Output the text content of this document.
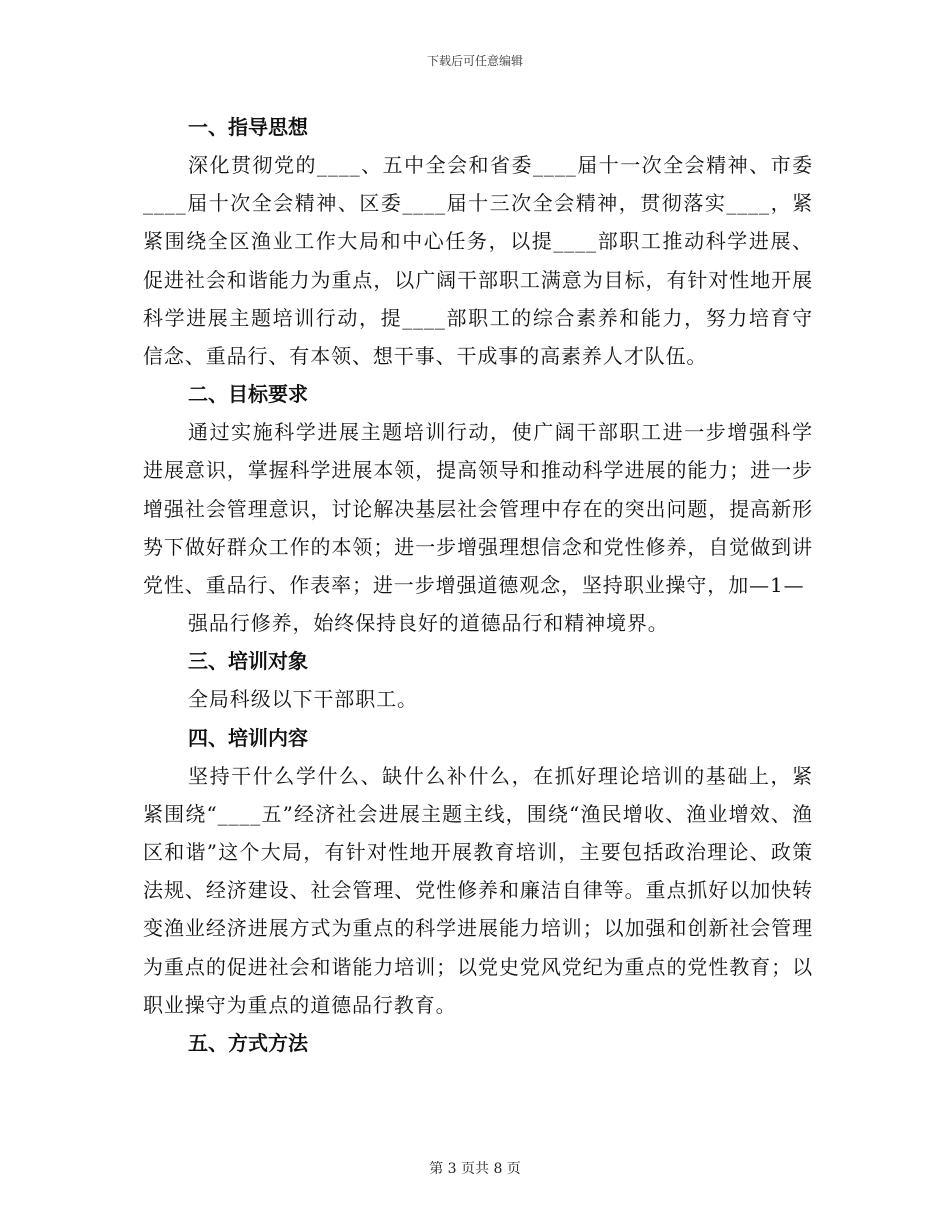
下载后可任意编辑

一、指导思想

深化贯彻党的____、五中全会和省委____届十一次全会精神、市委____届十次全会精神、区委____届十三次全会精神，贯彻落实____，紧紧围绕全区渔业工作大局和中心任务，以提____部职工推动科学进展、促进社会和谐能力为重点，以广阔干部职工满意为目标，有针对性地开展科学进展主题培训行动，提____部职工的综合素养和能力，努力培育守信念、重品行、有本领、想干事、干成事的高素养人才队伍。

二、目标要求

通过实施科学进展主题培训行动，使广阔干部职工进一步增强科学进展意识，掌握科学进展本领，提高领导和推动科学进展的能力；进一步增强社会管理意识，讨论解决基层社会管理中存在的突出问题，提高新形势下做好群众工作的本领；进一步增强理想信念和党性修养，自觉做到讲党性、重品行、作表率；进一步增强道德观念，坚持职业操守，加—1—

强品行修养，始终保持良好的道德品行和精神境界。

三、培训对象

全局科级以下干部职工。

四、培训内容

坚持干什么学什么、缺什么补什么，在抓好理论培训的基础上，紧紧围绕“____五”经济社会进展主题主线，围绕“渔民增收、渔业增效、渔区和谐”这个大局，有针对性地开展教育培训，主要包括政治理论、政策法规、经济建设、社会管理、党性修养和廉洁自律等。重点抓好以加快转变渔业经济进展方式为重点的科学进展能力培训；以加强和创新社会管理为重点的促进社会和谐能力培训；以党史党风党纪为重点的党性教育；以职业操守为重点的道德品行教育。

五、方式方法

第 3 页共 8 页
